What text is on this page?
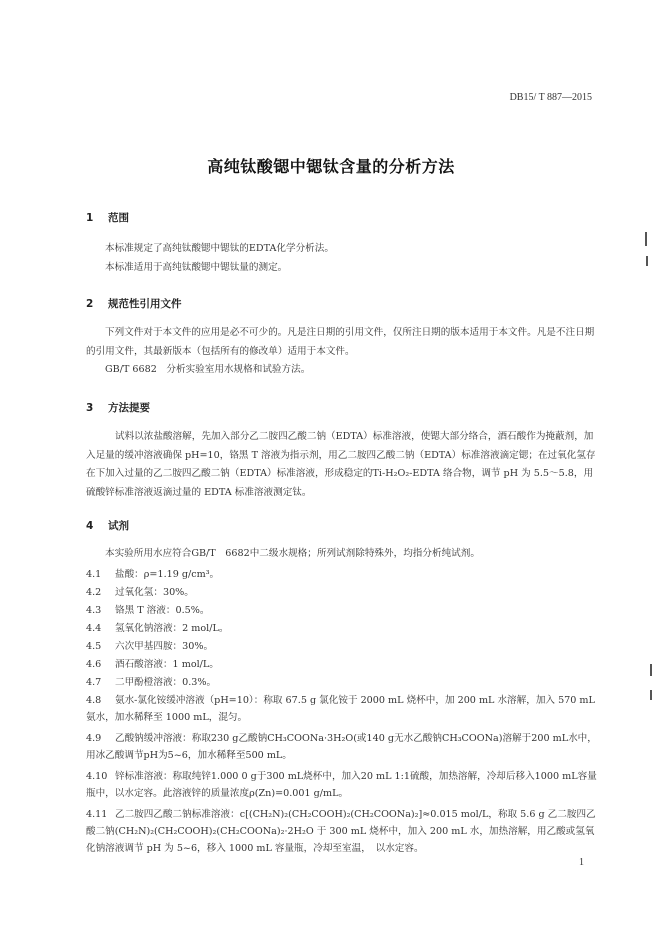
DB15/ T 887—2015
高纯钛酸锶中锶钛含量的分析方法
1 范围

本标准规定了高纯钛酸锶中锶钛的EDTA化学分析法。

本标准适用于高纯钛酸锶中锶钛量的测定。

2 规范性引用文件

下列文件对于本文件的应用是必不可少的。凡是注日期的引用文件，仅所注日期的版本适用于本文件。凡是不注日期的引用文件，其最新版本（包括所有的修改单）适用于本文件。

GB/T 6682　分析实验室用水规格和试验方法。

3 方法提要

试料以浓盐酸溶解，先加入部分乙二胺四乙酸二钠（EDTA）标准溶液，使锶大部分络合，酒石酸作为掩蔽剂，加入足量的缓冲溶液确保 pH=10，铬黑 T 溶液为指示剂，用乙二胺四乙酸二钠（EDTA）标准溶液滴定锶；在过氧化氢存在下加入过量的乙二胺四乙酸二钠（EDTA）标准溶液，形成稳定的Ti-H₂O₂-EDTA 络合物，调节 pH 为 5.5～5.8，用硫酸锌标准溶液返滴过量的 EDTA 标准溶液测定钛。

4 试剂

本实验所用水应符合GB/T　6682中二级水规格；所列试剂除特殊外，均指分析纯试剂。

4.1 盐酸：ρ=1.19 g/cm³。
4.2 过氧化氢：30%。
4.3 铬黑 T 溶液：0.5%。
4.4 氢氧化钠溶液：2 mol/L。
4.5 六次甲基四胺：30%。
4.6 酒石酸溶液：1 mol/L。
4.7 二甲酚橙溶液：0.3%。
4.8 氨水-氯化铵缓冲溶液（pH=10）：称取 67.5 g 氯化铵于 2000 mL 烧杯中，加 200 mL 水溶解，加入 570 mL 氨水，加水稀释至 1000 mL，混匀。
4.9 乙酸钠缓冲溶液：称取230 g乙酸钠CH₃COONa·3H₂O(或140 g无水乙酸钠CH₃COONa)溶解于200 mL水中，用冰乙酸调节pH为5~6，加水稀释至500 mL。
4.10 锌标准溶液：称取纯锌1.000 0 g于300 mL烧杯中，加入20 mL 1:1硫酸，加热溶解，冷却后移入1000 mL容量瓶中，以水定容。此溶液锌的质量浓度ρ(Zn)=0.001 g/mL。
4.11 乙二胺四乙酸二钠标准溶液：c[(CH₂N)₂(CH₂COOH)₂(CH₂COONa)₂]≈0.015 mol/L，称取 5.6 g 乙二胺四乙酸二钠(CH₂N)₂(CH₂COOH)₂(CH₂COONa)₂·2H₂O 于 300 mL 烧杯中，加入 200 mL 水，加热溶解，用乙酸或氢氧化钠溶液调节 pH 为 5~6，移入 1000 mL 容量瓶，冷却至室温，　以水定容。
1
